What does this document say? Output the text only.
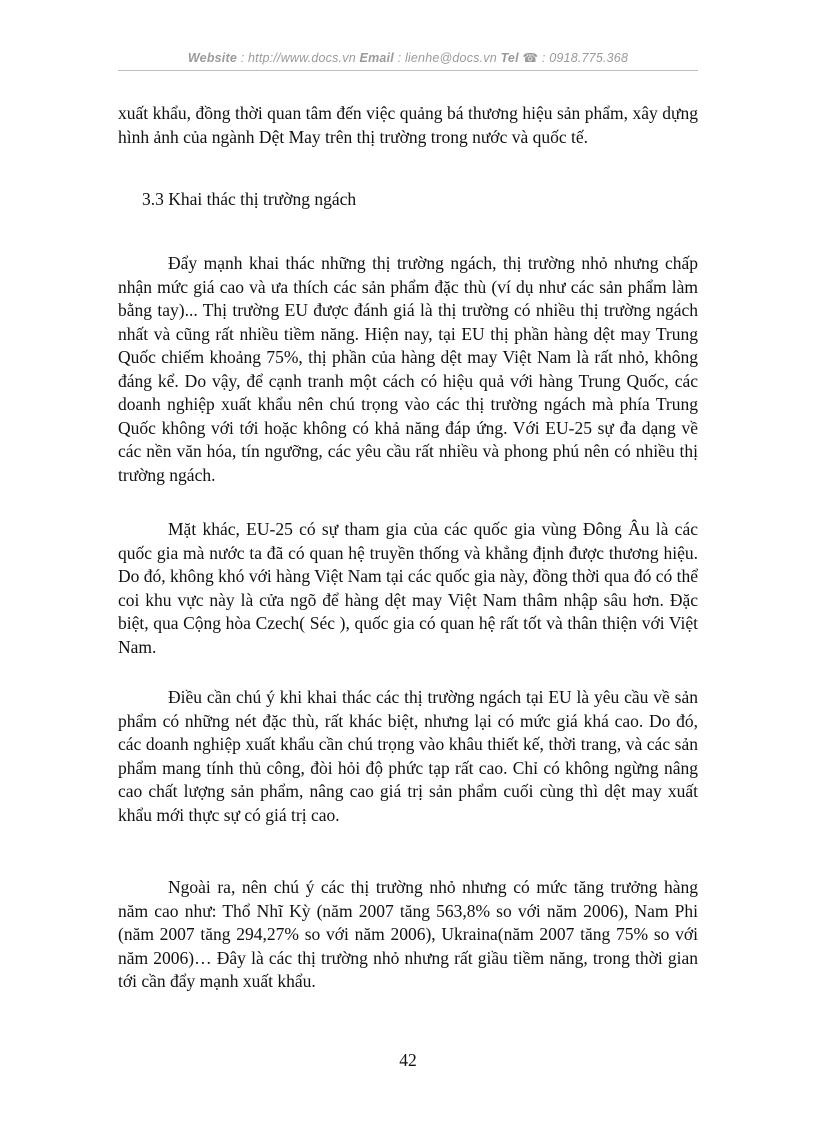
Website : http://www.docs.vn Email : lienhe@docs.vn Tel ☎ : 0918.775.368

xuất khẩu, đồng thời quan tâm đến việc quảng bá thương hiệu sản phẩm, xây dựng hình ảnh của ngành Dệt May trên thị trường trong nước và quốc tế.

3.3 Khai thác thị trường ngách

Đẩy mạnh khai thác những thị trường ngách, thị trường nhỏ nhưng chấp nhận mức giá cao và ưa thích các sản phẩm đặc thù (ví dụ như các sản phẩm làm bằng tay)... Thị trường EU được đánh giá là thị trường có nhiều thị trường ngách nhất và cũng rất nhiều tiềm năng. Hiện nay, tại EU thị phần hàng dệt may Trung Quốc chiếm khoảng 75%, thị phần của hàng dệt may Việt Nam là rất nhỏ, không đáng kể. Do vậy, để cạnh tranh một cách có hiệu quả với hàng Trung Quốc, các doanh nghiệp xuất khẩu nên chú trọng vào các thị trường ngách mà phía Trung Quốc không với tới hoặc không có khả năng đáp ứng. Với EU-25 sự đa dạng về các nền văn hóa, tín ngưỡng, các yêu cầu rất nhiều và phong phú nên có nhiều thị trường ngách.

Mặt khác, EU-25 có sự tham gia của các quốc gia vùng Đông Âu là các quốc gia mà nước ta đã có quan hệ truyền thống và khẳng định được thương hiệu. Do đó, không khó với hàng Việt Nam tại các quốc gia này, đồng thời qua đó có thể coi khu vực này là cửa ngõ để hàng dệt may Việt Nam thâm nhập sâu hơn. Đặc biệt, qua Cộng hòa Czech( Séc ), quốc gia có quan hệ rất tốt và thân thiện với Việt Nam.

Điều cần chú ý khi khai thác các thị trường ngách tại EU là yêu cầu về sản phẩm có những nét đặc thù, rất khác biệt, nhưng lại có mức giá khá cao. Do đó, các doanh nghiệp xuất khẩu cần chú trọng vào khâu thiết kế, thời trang, và các sản phẩm mang tính thủ công, đòi hỏi độ phức tạp rất cao. Chỉ có không ngừng nâng cao chất lượng sản phẩm, nâng cao giá trị sản phẩm cuối cùng thì dệt may xuất khẩu mới thực sự có giá trị cao.

Ngoài ra, nên chú ý các thị trường nhỏ nhưng có mức tăng trưởng hàng năm cao như: Thổ Nhĩ Kỳ (năm 2007 tăng 563,8% so với năm 2006), Nam Phi (năm 2007 tăng 294,27% so với năm 2006), Ukraina(năm 2007 tăng 75% so với năm 2006)… Đây là các thị trường nhỏ nhưng rất giầu tiềm năng, trong thời gian tới cần đẩy mạnh xuất khẩu.

42
